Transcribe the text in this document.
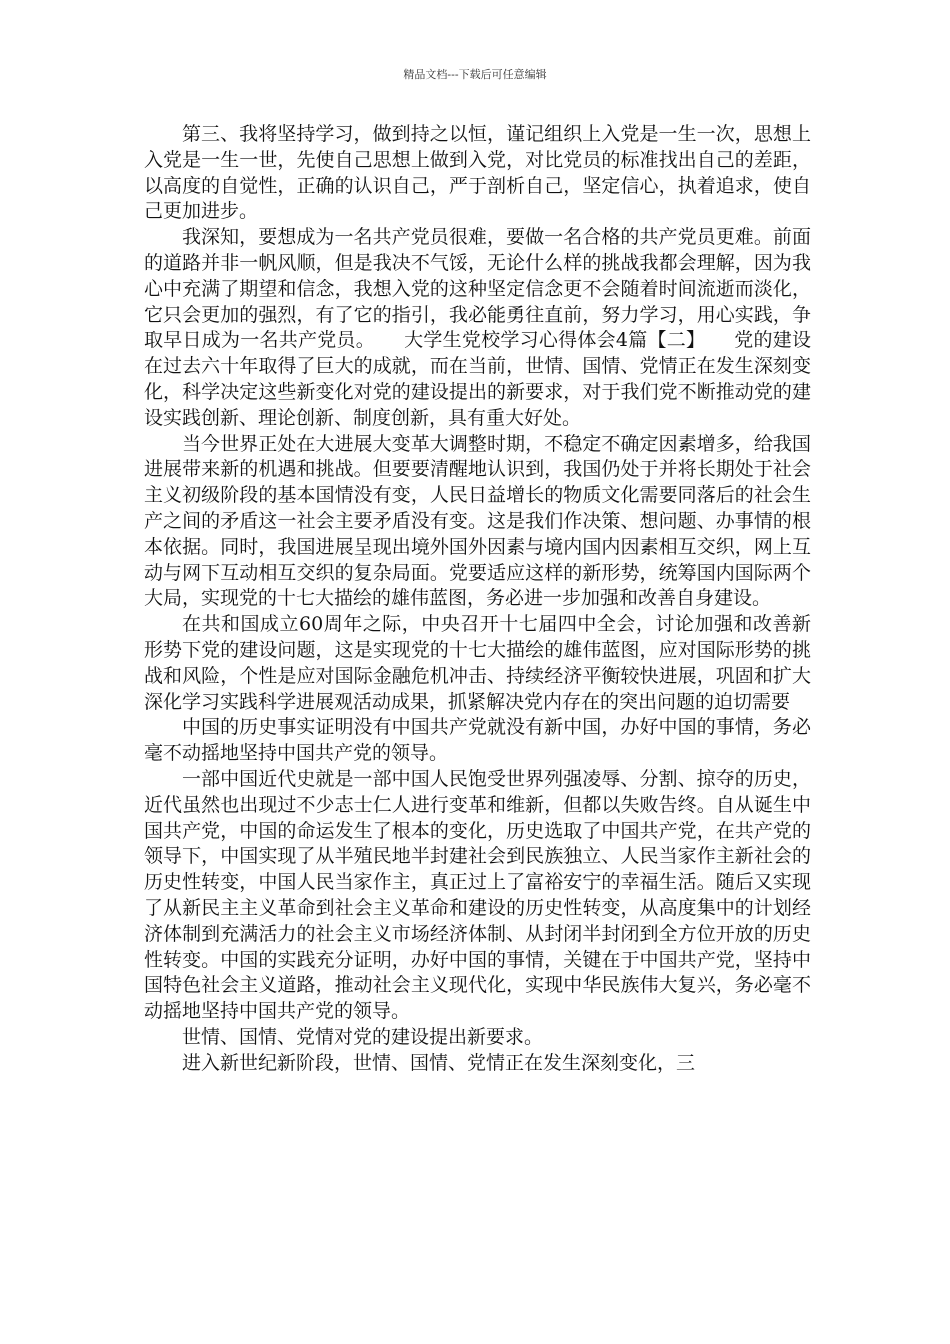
精品文档---下载后可任意编辑

第三、我将坚持学习，做到持之以恒，谨记组织上入党是一生一次，思想上入党是一生一世，先使自己思想上做到入党，对比党员的标准找出自己的差距，以高度的自觉性，正确的认识自己，严于剖析自己，坚定信心，执着追求，使自己更加进步。

我深知，要想成为一名共产党员很难，要做一名合格的共产党员更难。前面的道路并非一帆风顺，但是我决不气馁，无论什么样的挑战我都会理解，因为我心中充满了期望和信念，我想入党的这种坚定信念更不会随着时间流逝而淡化，它只会更加的强烈，有了它的指引，我必能勇往直前，努力学习，用心实践，争取早日成为一名共产党员。　　大学生党校学习心得体会4篇【二】　　党的建设在过去六十年取得了巨大的成就，而在当前，世情、国情、党情正在发生深刻变化，科学决定这些新变化对党的建设提出的新要求，对于我们党不断推动党的建设实践创新、理论创新、制度创新，具有重大好处。

当今世界正处在大进展大变革大调整时期，不稳定不确定因素增多，给我国进展带来新的机遇和挑战。但要要清醒地认识到，我国仍处于并将长期处于社会主义初级阶段的基本国情没有变，人民日益增长的物质文化需要同落后的社会生产之间的矛盾这一社会主要矛盾没有变。这是我们作决策、想问题、办事情的根本依据。同时，我国进展呈现出境外国外因素与境内国内因素相互交织，网上互动与网下互动相互交织的复杂局面。党要适应这样的新形势，统筹国内国际两个大局，实现党的十七大描绘的雄伟蓝图，务必进一步加强和改善自身建设。

在共和国成立60周年之际，中央召开十七届四中全会，讨论加强和改善新形势下党的建设问题，这是实现党的十七大描绘的雄伟蓝图，应对国际形势的挑战和风险，个性是应对国际金融危机冲击、持续经济平衡较快进展，巩固和扩大深化学习实践科学进展观活动成果，抓紧解决党内存在的突出问题的迫切需要

中国的历史事实证明没有中国共产党就没有新中国，办好中国的事情，务必毫不动摇地坚持中国共产党的领导。

一部中国近代史就是一部中国人民饱受世界列强凌辱、分割、掠夺的历史，近代虽然也出现过不少志士仁人进行变革和维新，但都以失败告终。自从诞生中国共产党，中国的命运发生了根本的变化，历史选取了中国共产党，在共产党的领导下，中国实现了从半殖民地半封建社会到民族独立、人民当家作主新社会的历史性转变，中国人民当家作主，真正过上了富裕安宁的幸福生活。随后又实现了从新民主主义革命到社会主义革命和建设的历史性转变，从高度集中的计划经济体制到充满活力的社会主义市场经济体制、从封闭半封闭到全方位开放的历史性转变。中国的实践充分证明，办好中国的事情，关键在于中国共产党，坚持中国特色社会主义道路，推动社会主义现代化，实现中华民族伟大复兴，务必毫不动摇地坚持中国共产党的领导。

世情、国情、党情对党的建设提出新要求。

进入新世纪新阶段，世情、国情、党情正在发生深刻变化，三
